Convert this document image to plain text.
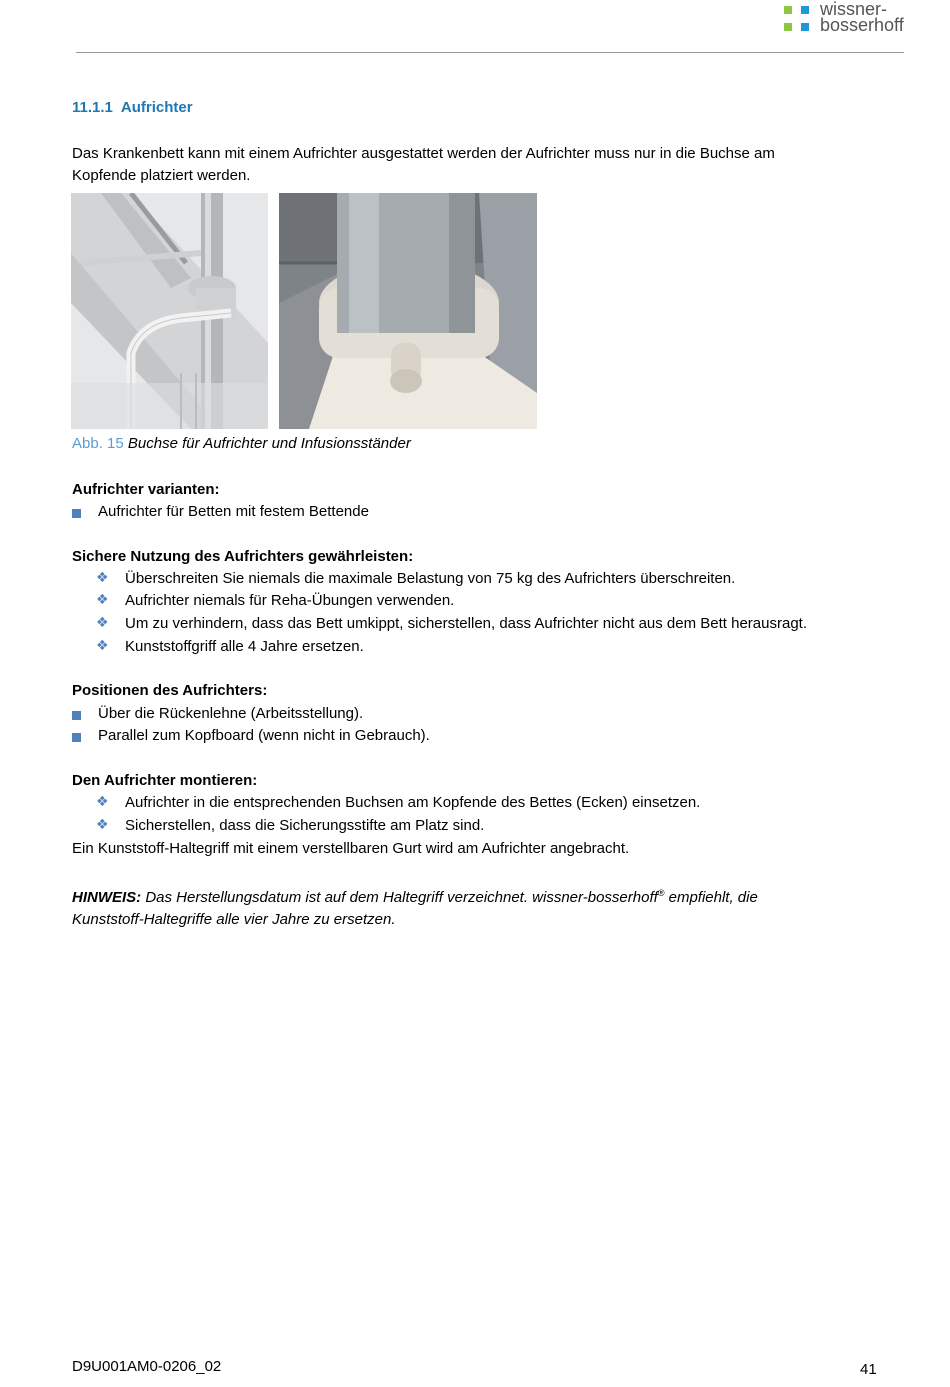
wissner-
bosserhoff
11.1.1 Aufrichter
Das Krankenbett kann mit einem Aufrichter ausgestattet werden der Aufrichter muss nur in die Buchse am
Kopfende platziert werden.
Abb. 15 Buchse für Aufrichter und Infusionsständer
Aufrichter varianten:
Aufrichter für Betten mit festem Bettende
Sichere Nutzung des Aufrichters gewährleisten:
❖ Überschreiten Sie niemals die maximale Belastung von 75 kg des Aufrichters überschreiten.
❖ Aufrichter niemals für Reha-Übungen verwenden.
❖ Um zu verhindern, dass das Bett umkippt, sicherstellen, dass Aufrichter nicht aus dem Bett herausragt.
❖ Kunststoffgriff alle 4 Jahre ersetzen.
Positionen des Aufrichters:
Über die Rückenlehne (Arbeitsstellung).
Parallel zum Kopfboard (wenn nicht in Gebrauch).
Den Aufrichter montieren:
❖ Aufrichter in die entsprechenden Buchsen am Kopfende des Bettes (Ecken) einsetzen.
❖ Sicherstellen, dass die Sicherungsstifte am Platz sind.
Ein Kunststoff-Haltegriff mit einem verstellbaren Gurt wird am Aufrichter angebracht.
HINWEIS: Das Herstellungsdatum ist auf dem Haltegriff verzeichnet. wissner-bosserhoff® empfiehlt, die
Kunststoff-Haltegriffe alle vier Jahre zu ersetzen.
D9U001AM0-0206_02	41
